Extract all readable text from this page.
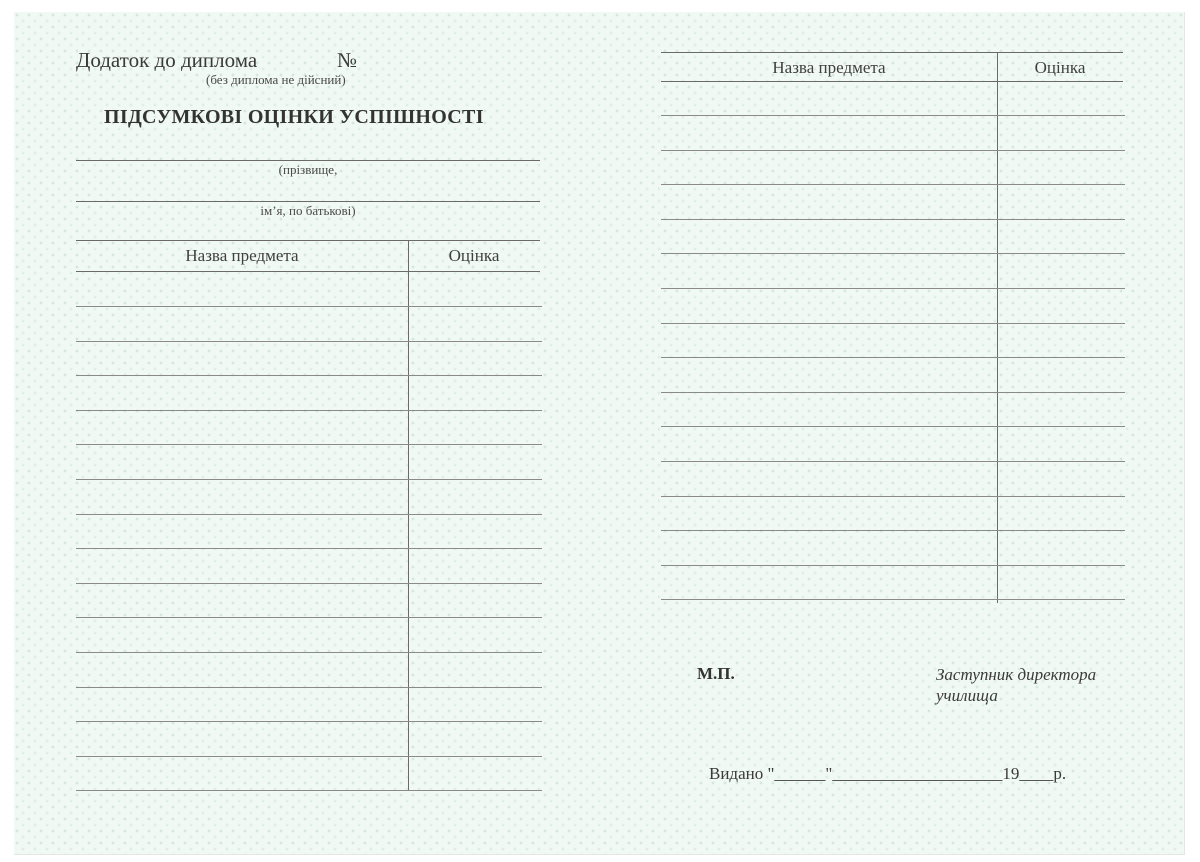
Додаток до диплома	№
(без диплома не дійсний)
ПІДСУМКОВІ ОЦІНКИ УСПІШНОСТІ
(прізвище,
ім’я, по батькові)
Назва предмета	Оцінка
Назва предмета	Оцінка
М.П.	Заступник директора
училища
Видано "______"____________________19____р.
